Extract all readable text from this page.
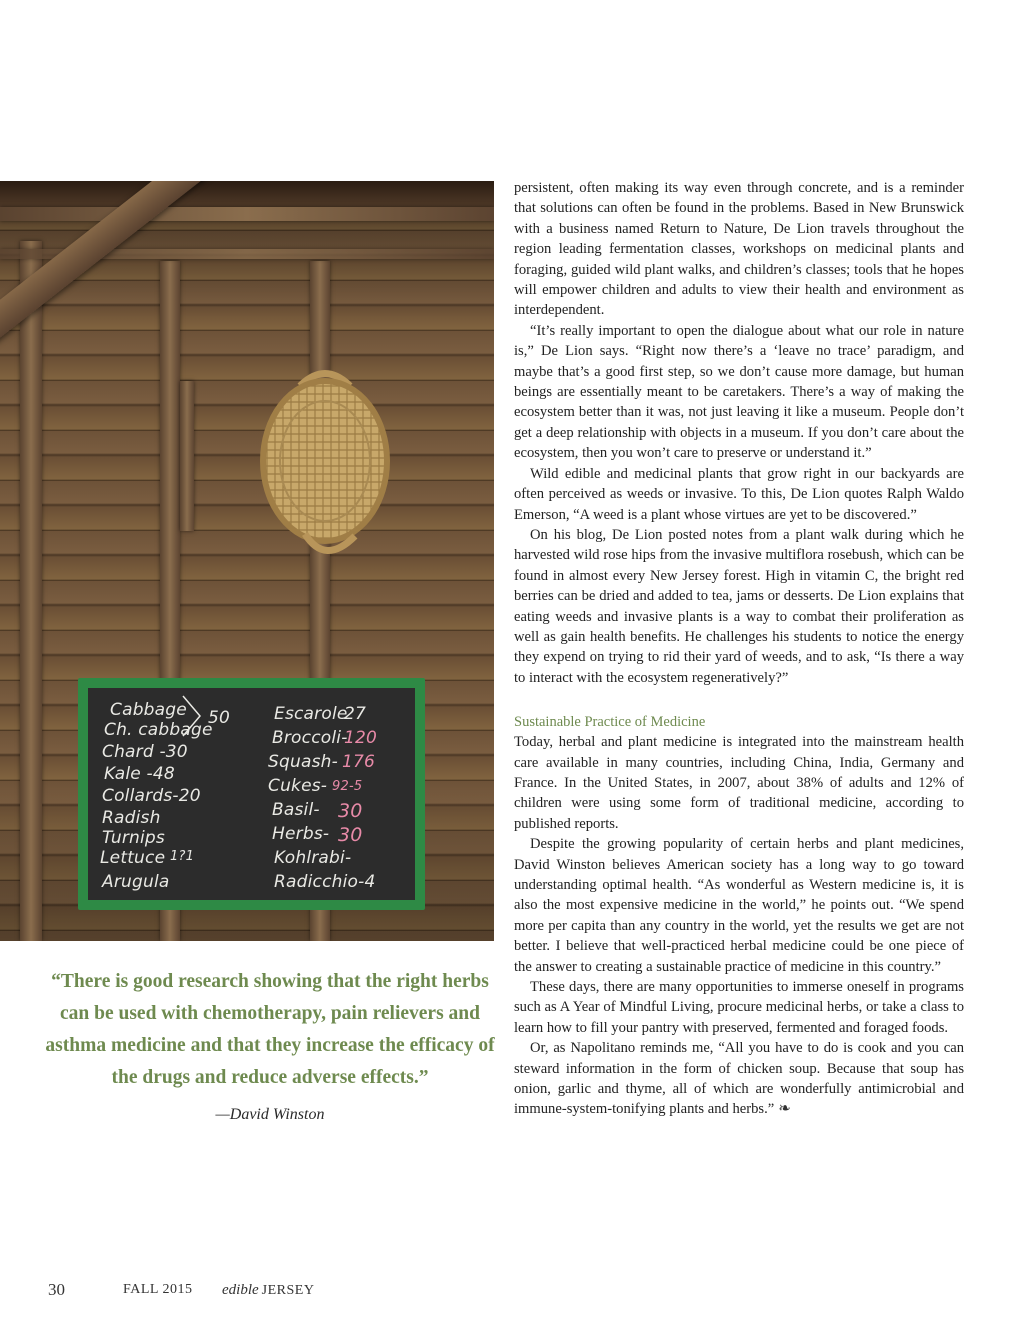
Cabbage
Ch. cabbage
Chard -30
Kale -48
Collards-20
Radish
Turnips
Lettuce
Arugula
50
1?1
Escarole
Broccoli-
Squash-
Cukes-
Basil-
Herbs-
Kohlrabi-
Radicchio-4
27
120
176
92-5
30
30
“There is good research showing that the right herbs can be used with chemotherapy, pain relievers and asthma medicine and that they increase the efficacy of the drugs and reduce adverse effects.”
—David Winston

persistent, often making its way even through concrete, and is a reminder that solutions can often be found in the problems. Based in New Brunswick with a business named Return to Nature, De Lion travels throughout the region leading fermentation classes, workshops on medicinal plants and foraging, guided wild plant walks, and children’s classes; tools that he hopes will empower children and adults to view their health and environment as interdependent.

“It’s really important to open the dialogue about what our role in nature is,” De Lion says. “Right now there’s a ‘leave no trace’ paradigm, and maybe that’s a good first step, so we don’t cause more damage, but human beings are essentially meant to be caretakers. There’s a way of making the ecosystem better than it was, not just leaving it like a museum. People don’t get a deep relationship with objects in a museum. If you don’t care about the ecosystem, then you won’t care to preserve or understand it.”

Wild edible and medicinal plants that grow right in our backyards are often perceived as weeds or invasive. To this, De Lion quotes Ralph Waldo Emerson, “A weed is a plant whose virtues are yet to be discovered.”

On his blog, De Lion posted notes from a plant walk during which he harvested wild rose hips from the invasive multiflora rosebush, which can be found in almost every New Jersey forest. High in vitamin C, the bright red berries can be dried and added to tea, jams or desserts. De Lion explains that eating weeds and invasive plants is a way to combat their proliferation as well as gain health benefits. He challenges his students to notice the energy they expend on trying to rid their yard of weeds, and to ask, “Is there a way to interact with the ecosystem regeneratively?”

Sustainable Practice of Medicine

Today, herbal and plant medicine is integrated into the mainstream health care available in many countries, including China, India, Germany and France. In the United States, in 2007, about 38% of adults and 12% of children were using some form of traditional medicine, according to published reports.

Despite the growing popularity of certain herbs and plant medicines, David Winston believes American society has a long way to go toward understanding optimal health. “As wonderful as Western medicine is, it is also the most expensive medicine in the world,” he points out. “We spend more per capita than any country in the world, yet the results we get are not better. I believe that well-practiced herbal medicine could be one piece of the answer to creating a sustainable practice of medicine in this country.”

These days, there are many opportunities to immerse oneself in programs such as A Year of Mindful Living, procure medicinal herbs, or take a class to learn how to fill your pantry with preserved, fermented and foraged foods.

Or, as Napolitano reminds me, “All you have to do is cook and you can steward information in the form of chicken soup. Because that soup has onion, garlic and thyme, all of which are wonderfully antimicrobial and immune-system-tonifying plants and herbs.” ❧

30	FALL 2015 edible JERSEY
